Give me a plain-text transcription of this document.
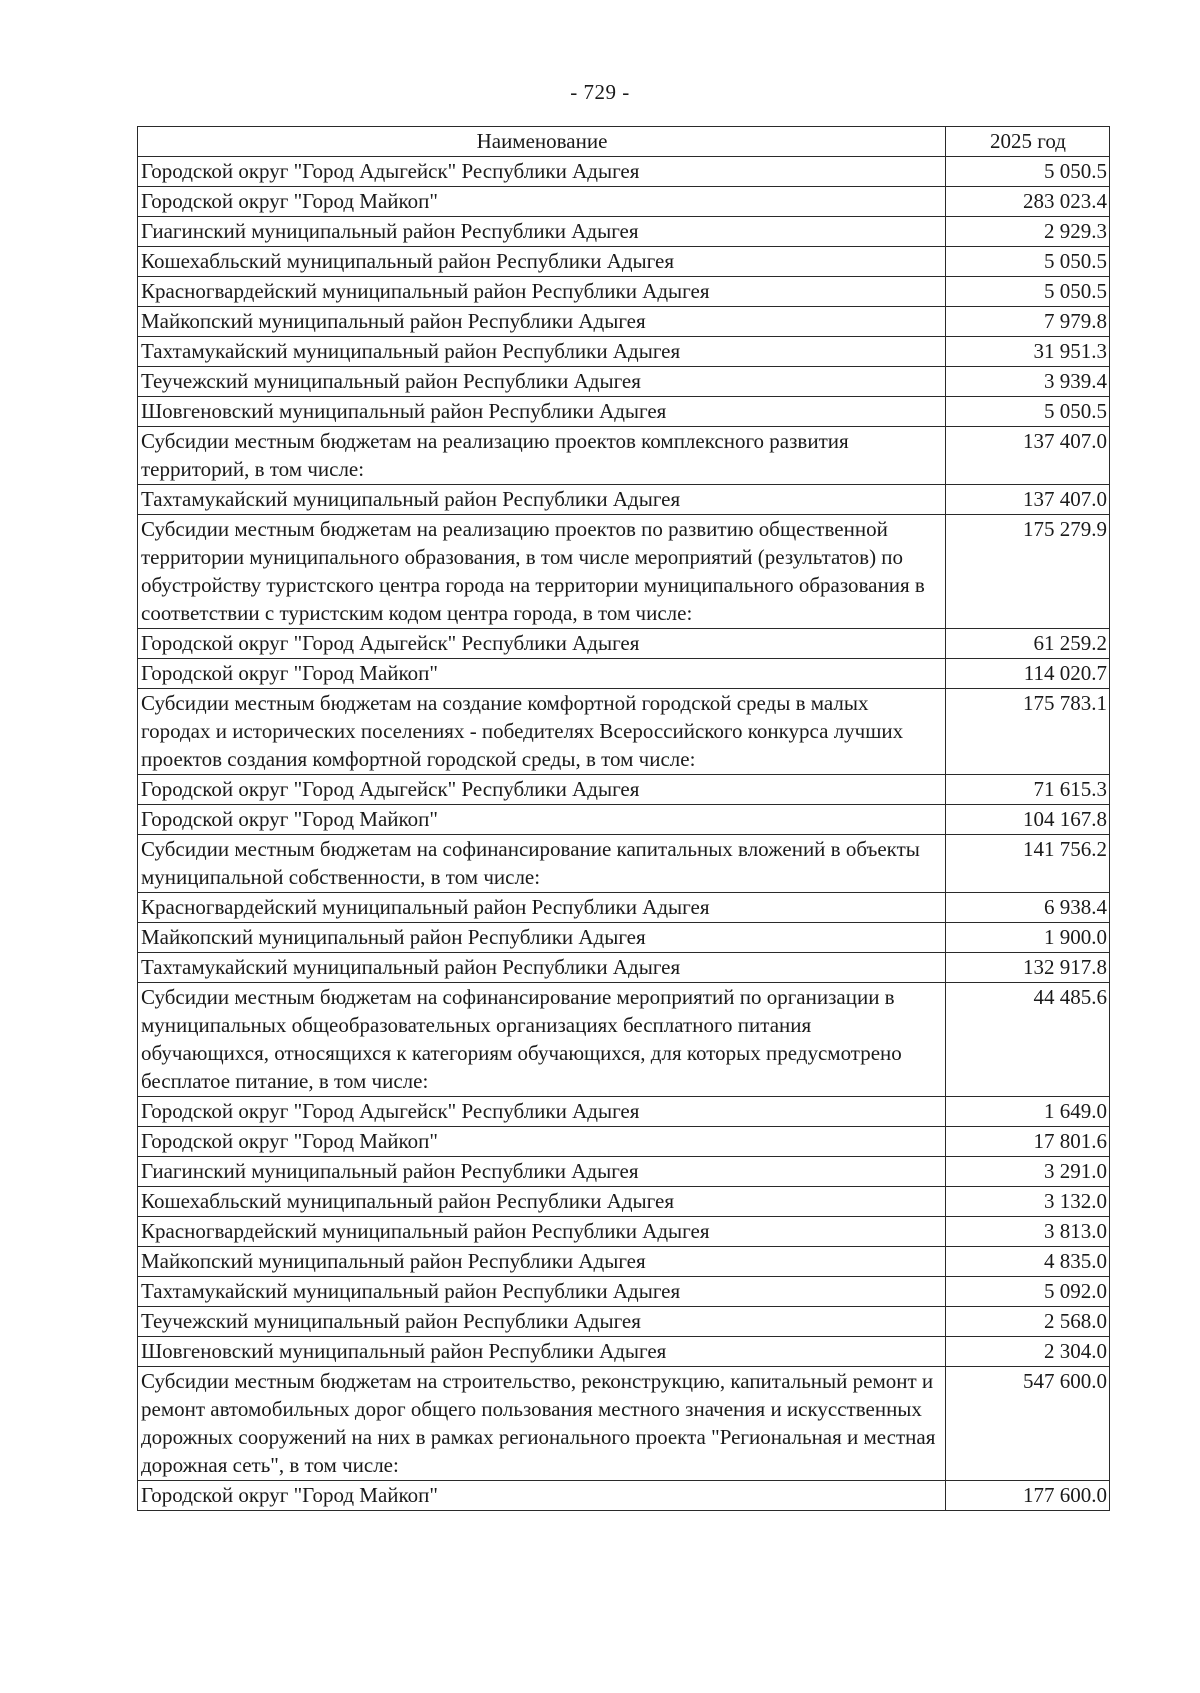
- 729 -
Наименование	2025 год
Городской округ "Город Адыгейск" Республики Адыгея	5 050.5
Городской округ "Город Майкоп"	283 023.4
Гиагинский муниципальный район Республики Адыгея	2 929.3
Кошехабльский муниципальный район Республики Адыгея	5 050.5
Красногвардейский муниципальный район Республики Адыгея	5 050.5
Майкопский муниципальный район Республики Адыгея	7 979.8
Тахтамукайский муниципальный район Республики Адыгея	31 951.3
Теучежский муниципальный район Республики Адыгея	3 939.4
Шовгеновский муниципальный район Республики Адыгея	5 050.5
Субсидии местным бюджетам на реализацию проектов комплексного развития территорий, в том числе:	137 407.0
Тахтамукайский муниципальный район Республики Адыгея	137 407.0
Субсидии местным бюджетам на реализацию проектов по развитию общественной территории муниципального образования, в том числе мероприятий (результатов) по обустройству туристского центра города на территории муниципального образования в соответствии с туристским кодом центра города, в том числе:	175 279.9
Городской округ "Город Адыгейск" Республики Адыгея	61 259.2
Городской округ "Город Майкоп"	114 020.7
Субсидии местным бюджетам на создание комфортной городской среды в малых городах и исторических поселениях - победителях Всероссийского конкурса лучших проектов создания комфортной городской среды, в том числе:	175 783.1
Городской округ "Город Адыгейск" Республики Адыгея	71 615.3
Городской округ "Город Майкоп"	104 167.8
Субсидии местным бюджетам на софинансирование капитальных вложений в объекты муниципальной собственности, в том числе:	141 756.2
Красногвардейский муниципальный район Республики Адыгея	6 938.4
Майкопский муниципальный район Республики Адыгея	1 900.0
Тахтамукайский муниципальный район Республики Адыгея	132 917.8
Субсидии местным бюджетам на софинансирование мероприятий по организации в муниципальных общеобразовательных организациях бесплатного питания обучающихся, относящихся к категориям обучающихся, для которых предусмотрено бесплатое питание, в том числе:	44 485.6
Городской округ "Город Адыгейск" Республики Адыгея	1 649.0
Городской округ "Город Майкоп"	17 801.6
Гиагинский муниципальный район Республики Адыгея	3 291.0
Кошехабльский муниципальный район Республики Адыгея	3 132.0
Красногвардейский муниципальный район Республики Адыгея	3 813.0
Майкопский муниципальный район Республики Адыгея	4 835.0
Тахтамукайский муниципальный район Республики Адыгея	5 092.0
Теучежский муниципальный район Республики Адыгея	2 568.0
Шовгеновский муниципальный район Республики Адыгея	2 304.0
Субсидии местным бюджетам на строительство, реконструкцию, капитальный ремонт и ремонт автомобильных дорог общего пользования местного значения и искусственных дорожных сооружений на них в рамках регионального проекта "Региональная и местная дорожная сеть", в том числе:	547 600.0
Городской округ "Город Майкоп"	177 600.0
